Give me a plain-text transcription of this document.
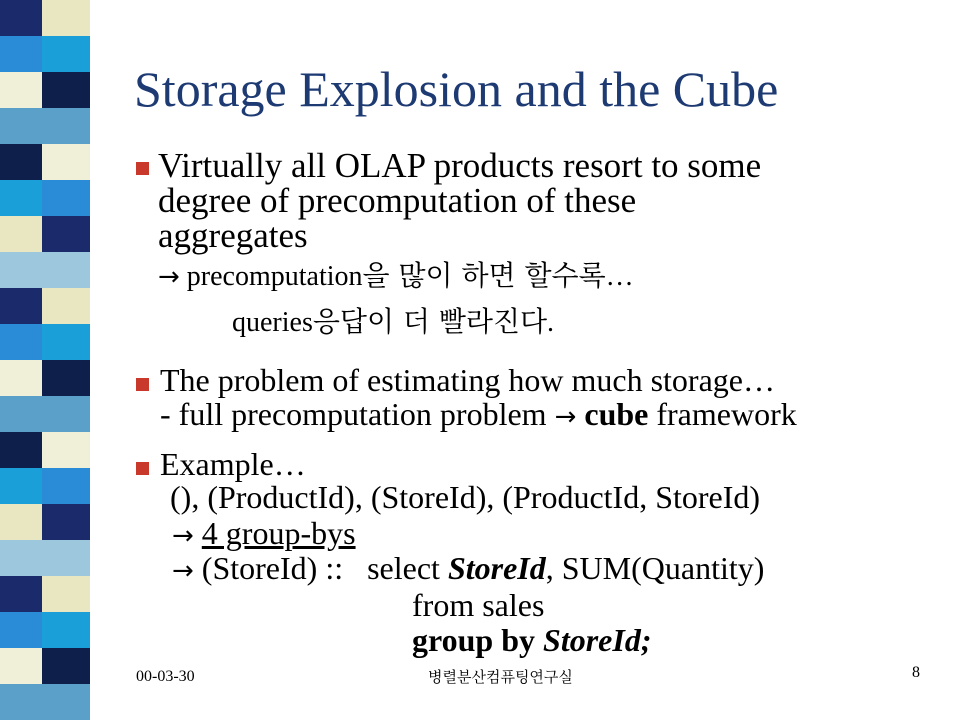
Storage Explosion and the Cube
Virtually all OLAP products resort to some
degree of precomputation of these
aggregates
→ precomputation을 많이 하면 할수록…
queries응답이 더 빨라진다.
The problem of estimating how much storage…
- full precomputation problem → cube framework
Example…
(), (ProductId), (StoreId), (ProductId, StoreId)
→ 4 group-bys
→ (StoreId) ::   select StoreId, SUM(Quantity)
from sales
group by StoreId;
00-03-30	병렬분산컴퓨팅연구실	8
